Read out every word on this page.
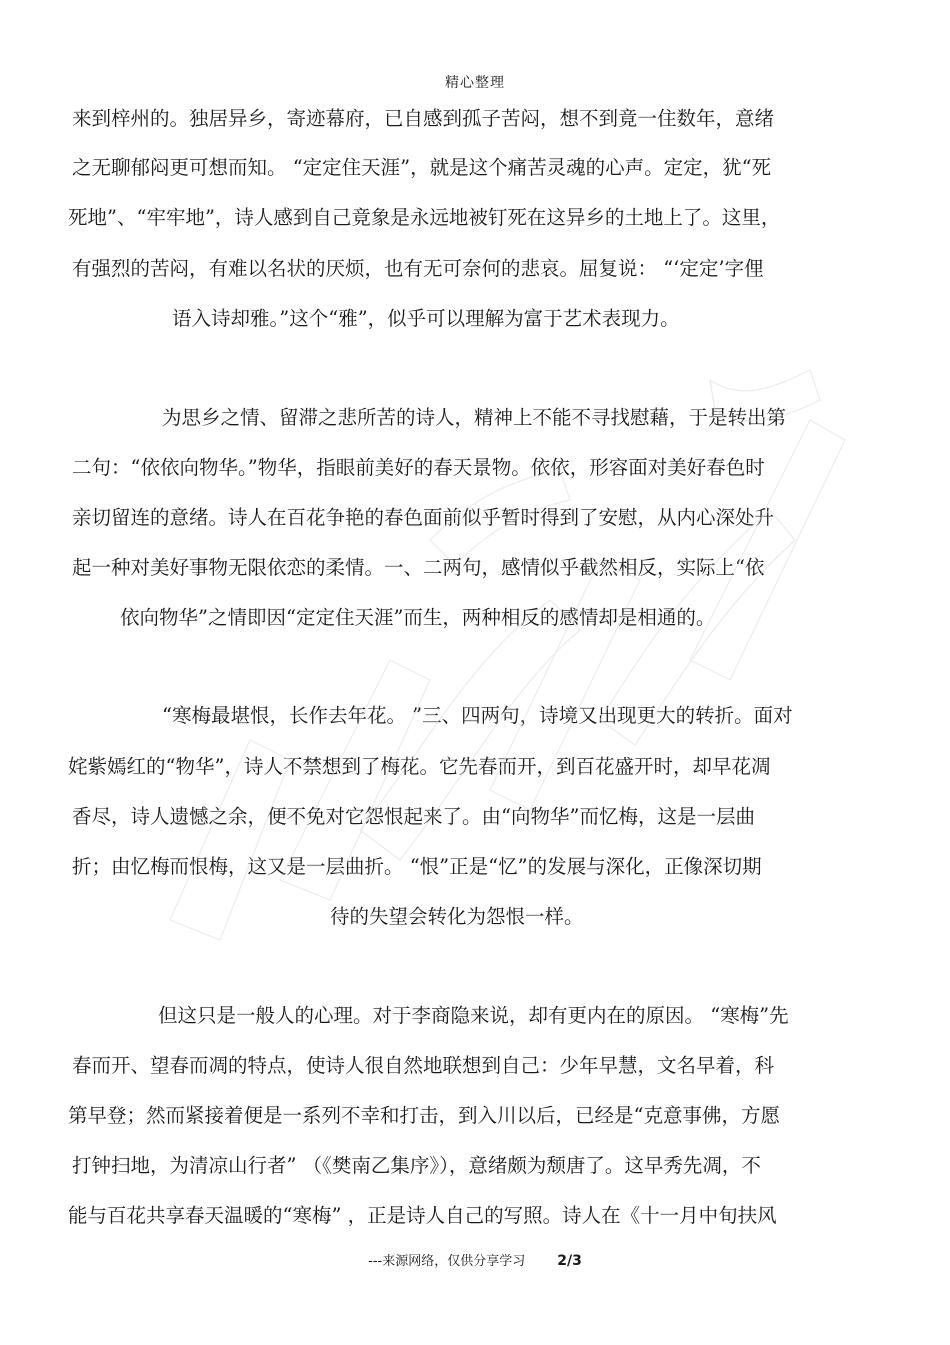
精心整理
来到梓州的。独居异乡，寄迹幕府，已自感到孤子苦闷，想不到竟一住数年，意绪
之无聊郁闷更可想而知。 “定定住天涯”，就是这个痛苦灵魂的心声。定定，犹“死
死地”、“牢牢地”，诗人感到自己竟象是永远地被钉死在这异乡的土地上了。这里，
有强烈的苦闷，有难以名状的厌烦，也有无可奈何的悲哀。屈复说： “‘定定’字俚
语入诗却雅。”这个“雅”，似乎可以理解为富于艺术表现力。
为思乡之情、留滞之悲所苦的诗人，精神上不能不寻找慰藉，于是转出第
二句：“依依向物华。”物华，指眼前美好的春天景物。依依，形容面对美好春色时
亲切留连的意绪。诗人在百花争艳的春色面前似乎暂时得到了安慰，从内心深处升
起一种对美好事物无限依恋的柔情。一、二两句，感情似乎截然相反，实际上“依
依向物华”之情即因“定定住天涯”而生，两种相反的感情却是相通的。
“寒梅最堪恨，长作去年花。 ”三、四两句，诗境又出现更大的转折。面对
姹紫嫣红的“物华”，诗人不禁想到了梅花。它先春而开，到百花盛开时，却早花凋
香尽，诗人遗憾之余，便不免对它怨恨起来了。由“向物华”而忆梅，这是一层曲
折；由忆梅而恨梅，这又是一层曲折。 “恨”正是“忆”的发展与深化，正像深切期
待的失望会转化为怨恨一样。
但这只是一般人的心理。对于李商隐来说，却有更内在的原因。 “寒梅”先
春而开、望春而凋的特点，使诗人很自然地联想到自己：少年早慧，文名早着，科
第早登；然而紧接着便是一系列不幸和打击，到入川以后，已经是“克意事佛，方愿
打钟扫地，为清凉山行者” （《樊南乙集序》），意绪颇为颓唐了。这早秀先凋，不
能与百花共享春天温暖的“寒梅” ，正是诗人自己的写照。诗人在《十一月中旬扶风
---来源网络，仅供分享学习 2/3
